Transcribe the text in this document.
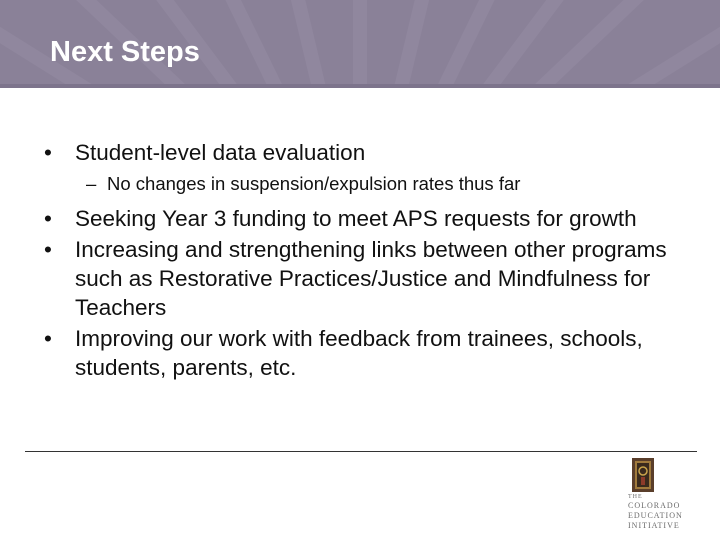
Next Steps
• Student-level data evaluation
– No changes in suspension/expulsion rates thus far
• Seeking Year 3 funding to meet APS requests for growth
• Increasing and strengthening links between other programs such as Restorative Practices/Justice and Mindfulness for Teachers
• Improving our work with feedback from trainees, schools, students, parents, etc.
THE
COLORADO
EDUCATION
INITIATIVE
